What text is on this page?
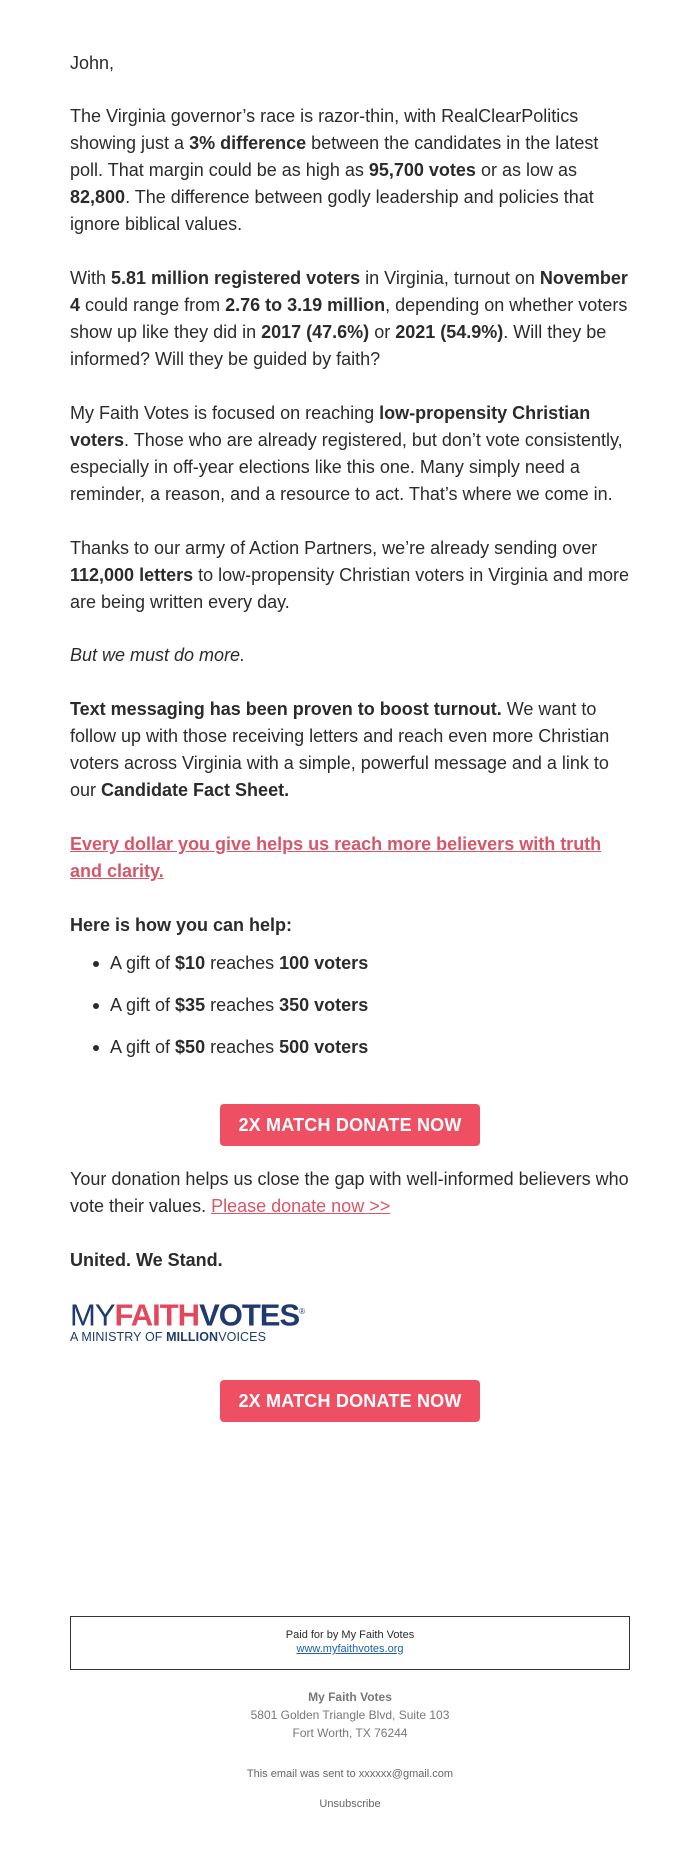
John,

The Virginia governor’s race is razor-thin, with RealClearPolitics showing just a 3% difference between the candidates in the latest poll. That margin could be as high as 95,700 votes or as low as 82,800. The difference between godly leadership and policies that ignore biblical values.

With 5.81 million registered voters in Virginia, turnout on November 4 could range from 2.76 to 3.19 million, depending on whether voters show up like they did in 2017 (47.6%) or 2021 (54.9%). Will they be informed? Will they be guided by faith?

My Faith Votes is focused on reaching low-propensity Christian voters. Those who are already registered, but don’t vote consistently, especially in off-year elections like this one. Many simply need a reminder, a reason, and a resource to act. That’s where we come in.

Thanks to our army of Action Partners, we’re already sending over 112,000 letters to low-propensity Christian voters in Virginia and more are being written every day.

But we must do more.

Text messaging has been proven to boost turnout. We want to follow up with those receiving letters and reach even more Christian voters across Virginia with a simple, powerful message and a link to our Candidate Fact Sheet.

Every dollar you give helps us reach more believers with truth and clarity.

Here is how you can help:

A gift of $10 reaches 100 voters
A gift of $35 reaches 350 voters
A gift of $50 reaches 500 voters
2X MATCH DONATE NOW

Your donation helps us close the gap with well-informed believers who vote their values. Please donate now >>

United. We Stand.

MYFAITHVOTES®
A MINISTRY OF MILLIONVOICES
2X MATCH DONATE NOW
Paid for by My Faith Votes
www.myfaithvotes.org
My Faith Votes
5801 Golden Triangle Blvd, Suite 103
Fort Worth, TX 76244
This email was sent to xxxxxx@gmail.com
Unsubscribe
